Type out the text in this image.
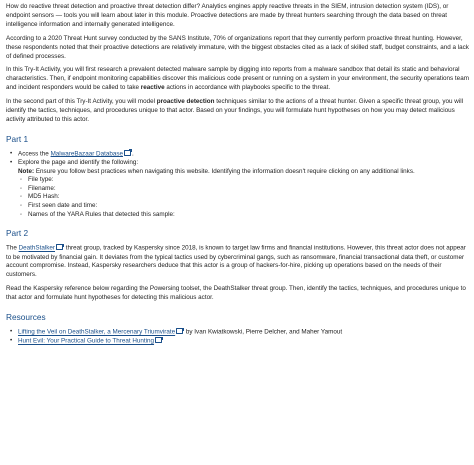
How do reactive threat detection and proactive threat detection differ? Analytics engines apply reactive threats in the SIEM, intrusion detection system (IDS), or endpoint sensors — tools you will learn about later in this module. Proactive detections are made by threat hunters searching through the data based on threat intelligence information and internally generated intelligence.

According to a 2020 Threat Hunt survey conducted by the SANS Institute, 70% of organizations report that they currently perform proactive threat hunting. However, these respondents noted that their proactive detections are relatively immature, with the biggest obstacles cited as a lack of skilled staff, budget constraints, and a lack of defined processes.

In this Try-It Activity, you will first research a prevalent detected malware sample by digging into reports from a malware sandbox that detail its static and behavioral characteristics. Then, if endpoint monitoring capabilities discover this malicious code present or running on a system in your environment, the security operations team and incident responders would be called to take reactive actions in accordance with playbooks specific to the threat.

In the second part of this Try-It Activity, you will model proactive detection techniques similar to the actions of a threat hunter. Given a specific threat group, you will identify the tactics, techniques, and procedures unique to that actor. Based on your findings, you will formulate hunt hypotheses on how you may detect malicious activity attributed to this actor.

Part 1
• Access the MalwareBazaar Database .
• Explore the page and identify the following:
Note: Ensure you follow best practices when navigating this website. Identifying the information doesn't require clicking on any additional links.
◦ File type:
◦ Filename:
◦ MD5 Hash:
◦ First seen date and time:
◦ Names of the YARA Rules that detected this sample:
Part 2

The DeathStalker threat group, tracked by Kaspersky since 2018, is known to target law firms and financial institutions. However, this threat actor does not appear to be motivated by financial gain. It deviates from the typical tactics used by cybercriminal gangs, such as ransomware, financial transactional data theft, or customer account compromise. Instead, Kaspersky researchers deduce that this actor is a group of hackers-for-hire, picking up operations based on the needs of their customers.

Read the Kaspersky reference below regarding the Powersing toolset, the DeathStalker threat group. Then, identify the tactics, techniques, and procedures unique to that actor and formulate hunt hypotheses for detecting this malicious actor.

Resources
• Lifting the Veil on DeathStalker, a Mercenary Triumvirate by Ivan Kwiatkowski, Pierre Delcher, and Maher Yamout
• Hunt Evil: Your Practical Guide to Threat Hunting
